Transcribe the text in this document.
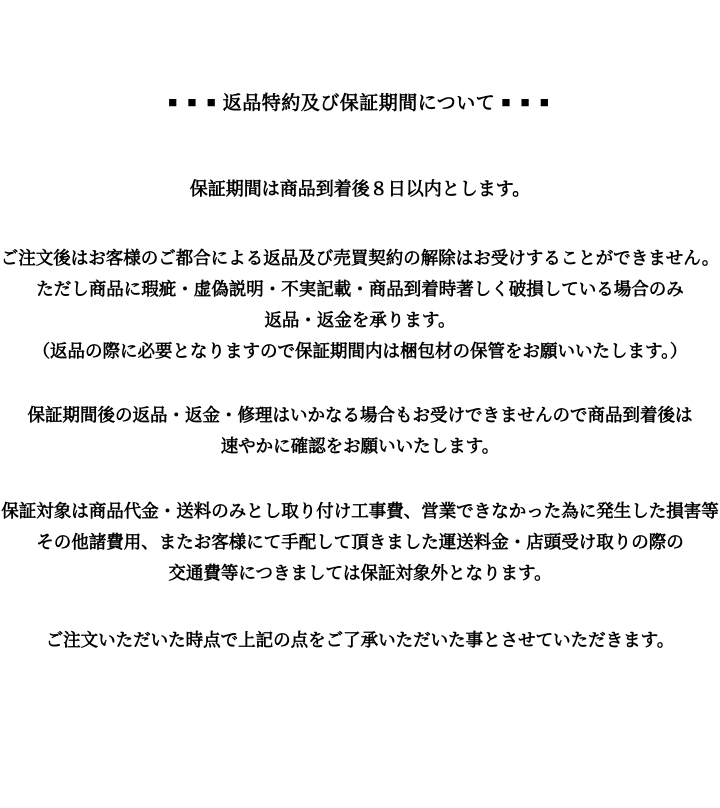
■ ■ ■ 返品特約及び保証期間について ■ ■ ■
保証期間は商品到着後８日以内とします。
ご注文後はお客様のご都合による返品及び売買契約の解除はお受けすることができません。
ただし商品に瑕疵・虚偽説明・不実記載・商品到着時著しく破損している場合のみ
返品・返金を承ります。
（返品の際に必要となりますので保証期間内は梱包材の保管をお願いいたします。）
保証期間後の返品・返金・修理はいかなる場合もお受けできませんので商品到着後は
速やかに確認をお願いいたします。
保証対象は商品代金・送料のみとし取り付け工事費、営業できなかった為に発生した損害等
その他諸費用、またお客様にて手配して頂きました運送料金・店頭受け取りの際の
交通費等につきましては保証対象外となります。
ご注文いただいた時点で上記の点をご了承いただいた事とさせていただきます。
